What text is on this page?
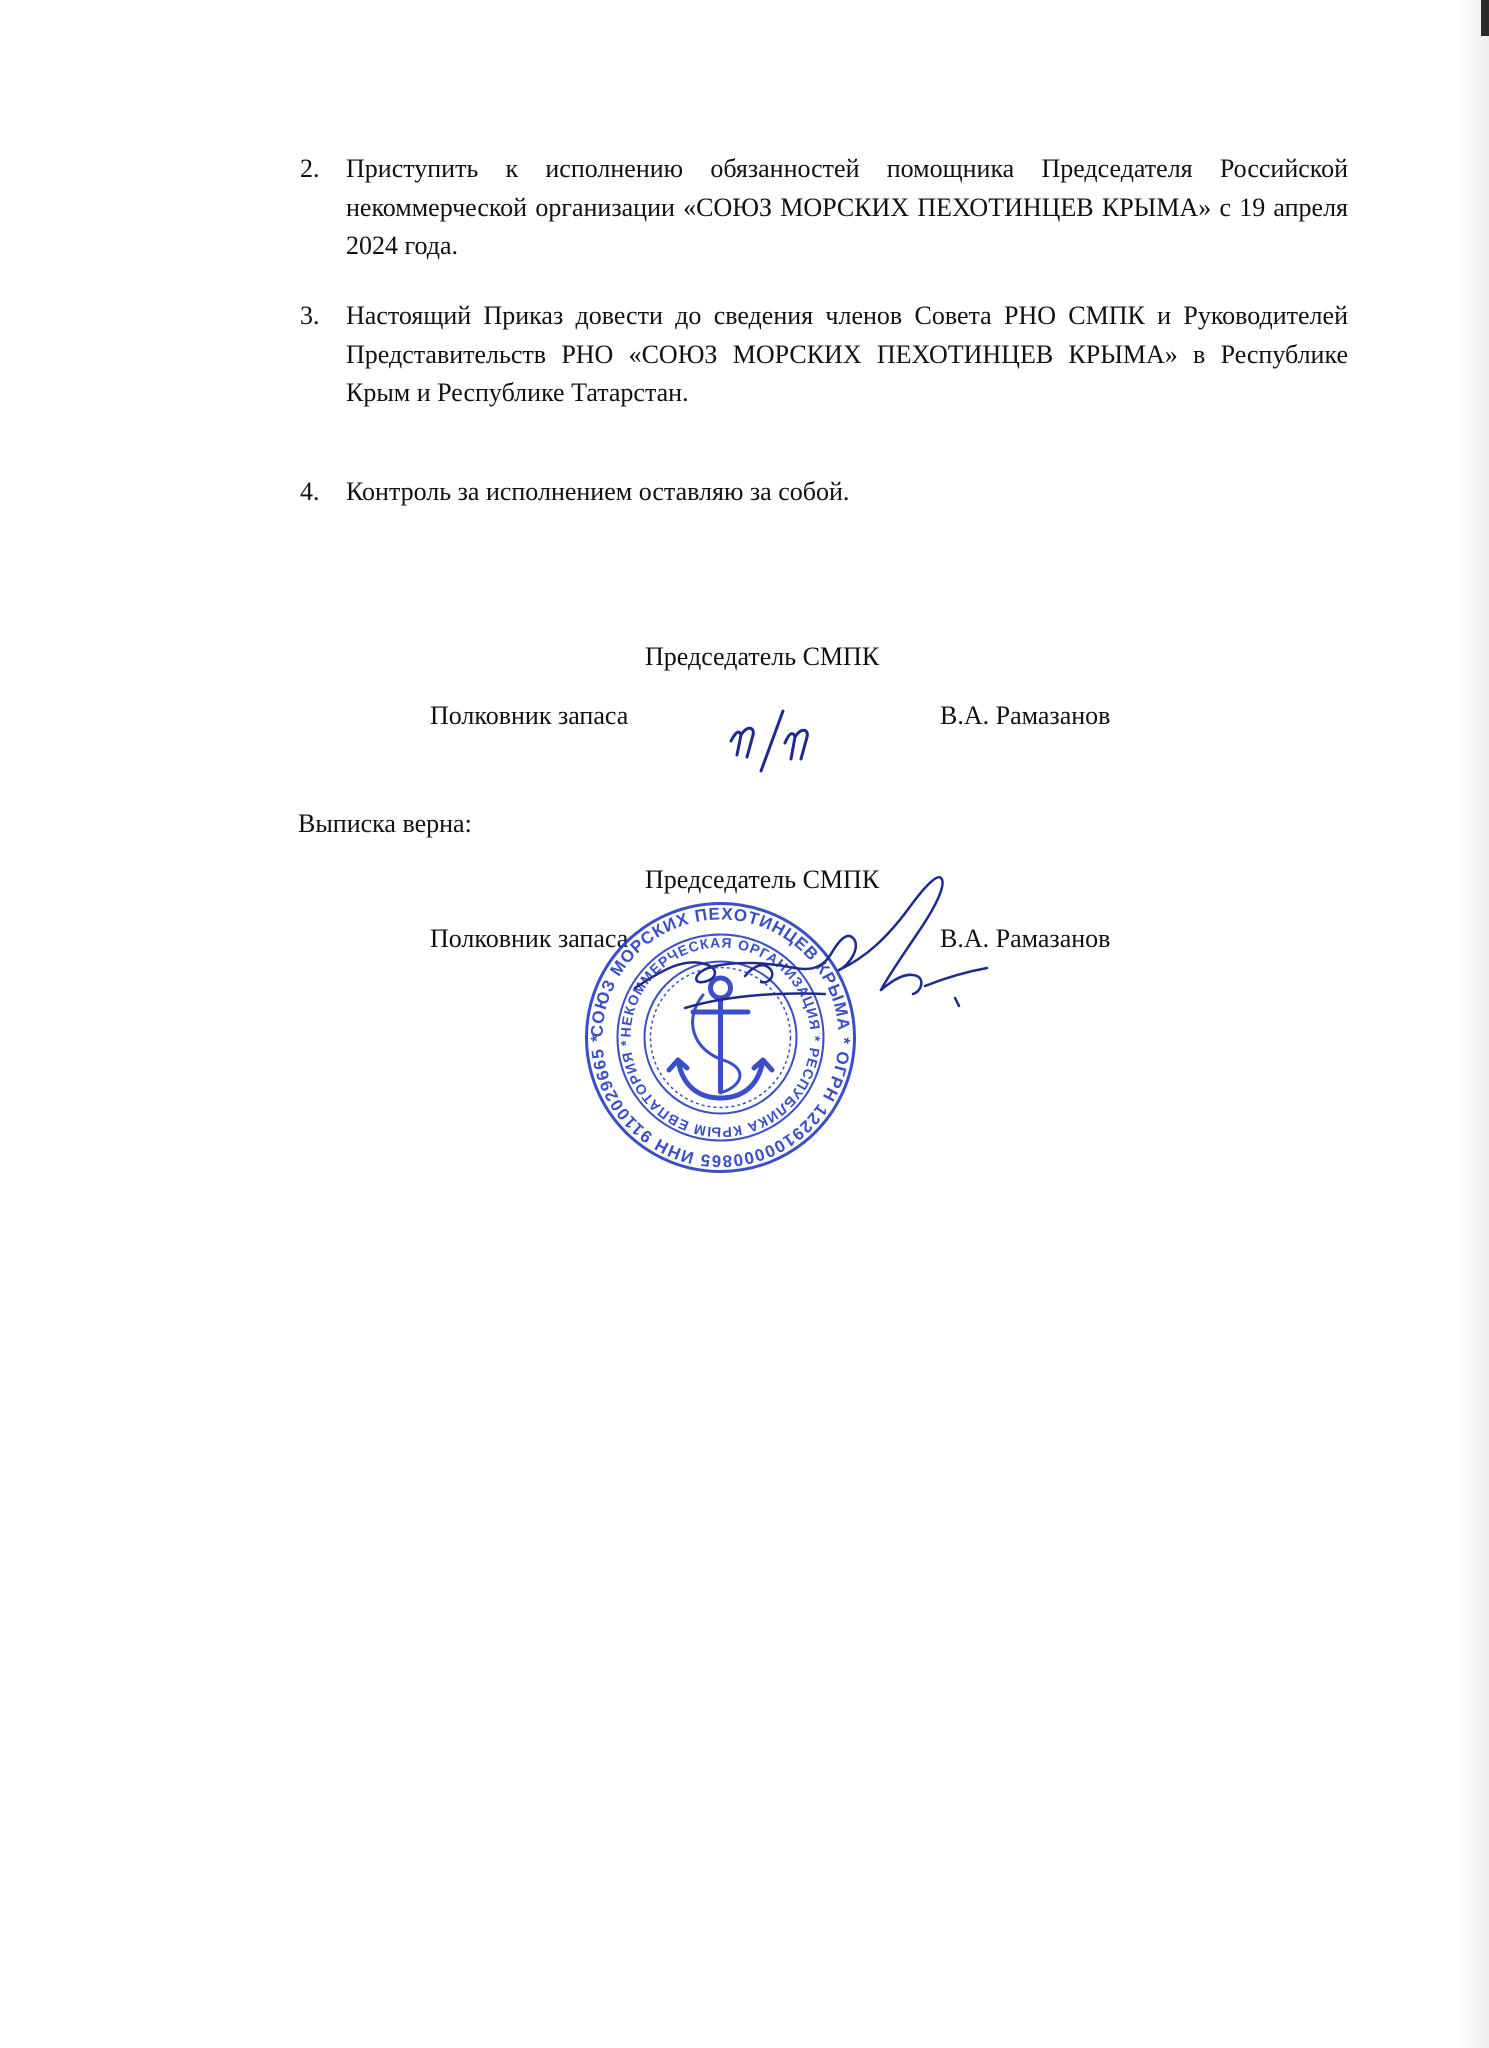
2.	Приступить к исполнению обязанностей помощника Председателя Российской некоммерческой организации «СОЮЗ МОРСКИХ ПЕХОТИНЦЕВ КРЫМА» с 19 апреля 2024 года.
3.	Настоящий Приказ довести до сведения членов Совета РНО СМПК и Руководителей Представительств РНО «СОЮЗ МОРСКИХ ПЕХОТИНЦЕВ КРЫМА» в Республике Крым и Республике Татарстан.
4.	Контроль за исполнением оставляю за собой.
Председатель СМПК
Полковник запаса	В.А. Рамазанов
Выписка верна:
Председатель СМПК
Полковник запаса	В.А. Рамазанов
СОЮЗ МОРСКИХ ПЕХОТИНЦЕВ КРЫМА * ОГРН 1229100000865 ИНН 9110029665 *
НЕКОММЕРЧЕСКАЯ ОРГАНИЗАЦИЯ * РЕСПУБЛИКА КРЫМ ЕВПАТОРИЯ *
